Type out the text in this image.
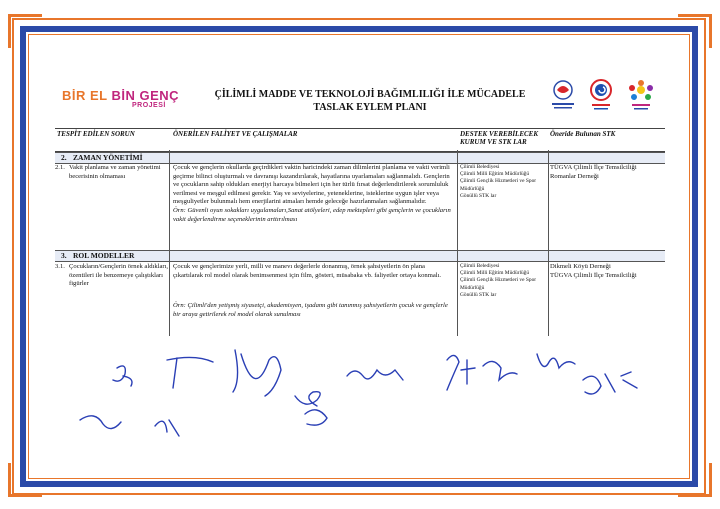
BİR EL BİN GENÇ
PROJESİ
ÇİLİMLİ MADDE VE TEKNOLOJİ BAĞIMLILIĞI İLE MÜCADELE
TASLAK EYLEM PLANI
TESPİT EDİLEN SORUN	ÖNERİLEN FALİYET VE ÇALIŞMALAR	DESTEK VEREBİLECEK KURUM VE STK LAR
Öneride Bulunan STK
2. ZAMAN YÖNETİMİ
2.1. Vakit planlama ve zaman yönetimi becerisinin olmaması
Çocuk ve gençlerin okullarda geçirdikleri vaktin haricindeki zaman dilimlerini planlama ve vakti verimli geçirme bilinci oluşturmalı ve davranışı kazandırılarak, hayatlarına uyarlamaları sağlanmalıdı. Gençlerin ve çocukların sahip oldukları enerjiyi harcaya bilmeleri için her türlü fırsat değerlendirilerek sorumluluk verilmesi ve meşgul edilmesi gerekir. Yaş ve seviyelerine, yeteneklerine, isteklerine uygun işler veya meşguliyetler bulunmalı hem enerjilarini atmaları hemde geleceğe hazırlanmaları sağlanmalıdır.
Örn: Güvenli oyun sokakları uygulamaları,Sanat atölyeleri, edep mektepleri gibi gençlerin ve çocukların vakit değerlendirme seçeneklerinin arttırılması
Çilimli Belediyesi
Çilimli Milli Eğitim Müdürlüğü
Çilimli Gençlik Hizmetleri ve Spor Müdürlüğü
Gönüllü STK lar
TÜGVA Çilimli İlçe Temsilciliği
Romanlar Derneği
3. ROL MODELLER
3.1. Çocukların/Gençlerin örnek aldıkları, özentileri ile benzemeye çalıştıkları figürler
Çocuk ve gençlerimize yerli, milli ve manevı değerlerle donanmış, örnek şahsiyetlerin ön plana çıkartılarak rol model olarak benimsenmesi için film, gösteri, müsabaka vb. faliyetler ortaya konmalı.
Örn: Çilimli'den yetişmiş siyasetçi, akademisyen, işadamı gibi tanınmış şahsiyetlerin çocuk ve gençlerle bir araya getirilerek rol model olarak sunulması
Çilimli Belediyesi
Çilimli Milli Eğitim Müdürlüğü
Çilimli Gençlik Hizmetleri ve Spor Müdürlüğü
Gönüllü STK lar
Dikmeli Köyü Derneği
TÜGVA Çilimli İlçe Temsilciliği
